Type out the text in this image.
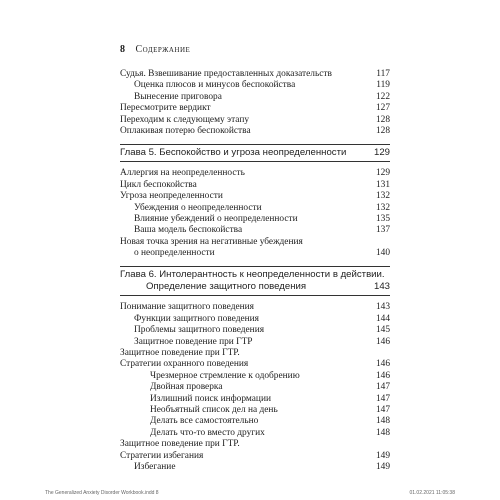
8 Содержание
Судья. Взвешивание предоставленных доказательств	117
Оценка плюсов и минусов беспокойства	119
Вынесение приговора	122
Пересмотрите вердикт	127
Переходим к следующему этапу	128
Оплакивая потерю беспокойства	128
Глава 5. Беспокойство и угроза неопределенности	129
Аллергия на неопределенность	129
Цикл беспокойства	131
Угроза неопределенности	132
Убеждения о неопределенности	132
Влияние убеждений о неопределенности	135
Ваша модель беспокойства	137
Новая точка зрения на негативные убеждения
о неопределенности	140
Глава 6. Интолерантность к неопределенности в действии.
Определение защитного поведения	143
Понимание защитного поведения	143
Функции защитного поведения	144
Проблемы защитного поведения	145
Защитное поведение при ГТР	146
Защитное поведение при ГТР.
Стратегии охранного поведения	146
Чрезмерное стремление к одобрению	146
Двойная проверка	147
Излишний поиск информации	147
Необъятный список дел на день	147
Делать все самостоятельно	148
Делать что-то вместо других	148
Защитное поведение при ГТР.
Стратегии избегания	149
Избегание	149
The Generalized Anxiety Disorder Workbook.indd 8	01.02.2021 11:05:38
